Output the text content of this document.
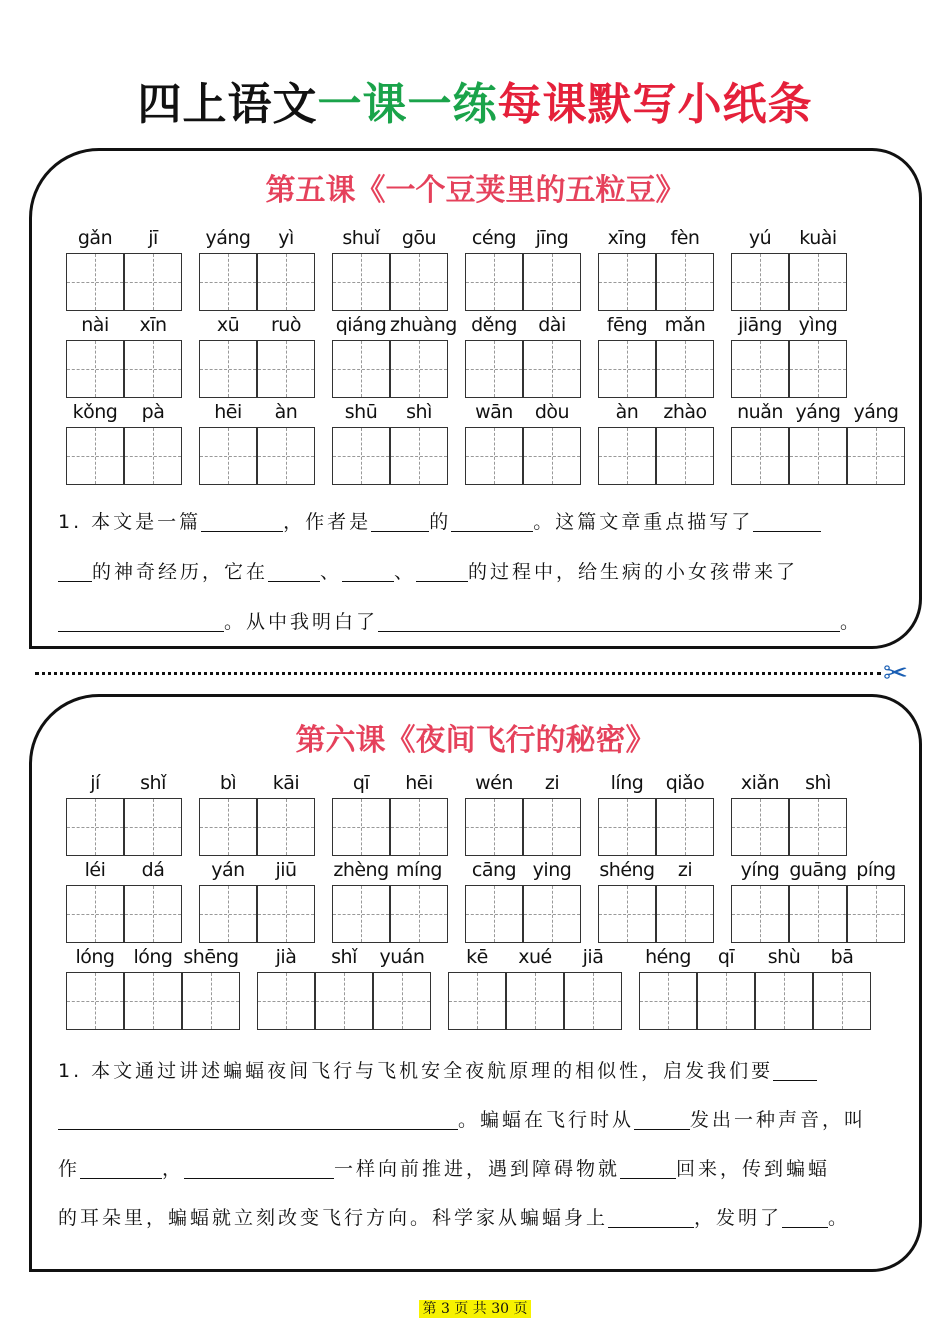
四上语文一课一练每课默写小纸条
第五课《一个豆荚里的五粒豆》
gǎn	jī	yáng	yì	shuǐ	gōu	céng	jīng	xīng	fèn	yú	kuài
nài	xīn	xū	ruò	qiáng zhuàng děng	dài	fēng mǎn	jiāng yìng
kǒng	pà	hēi	àn	shū	shì	wān	dòu	àn	zhào	nuǎn yáng yáng
1. 本文是一篇	，作者是	的	。这篇文章重点描写了
的神奇经历，它在	、	、	的过程中，给生病的小女孩带来了
。从中我明白了	。
✂
第六课《夜间飞行的秘密》
jí	shǐ	bì	kāi	qī	hēi	wén	zi	líng	qiǎo	xiǎn	shì
léi	dá	yán	jiū	zhèng míng	cāng ying	shéng	zi	yíng guāng píng
lóng lóng shēng	jià	shǐ	yuán	kē	xué	jiā	héng	qī	shù	bā
1. 本文通过讲述蝙蝠夜间飞行与飞机安全夜航原理的相似性，启发我们要
。蝙蝠在飞行时从	发出一种声音，叫
作	，	一样向前推进，遇到障碍物就	回来，传到蝙蝠
的耳朵里，蝙蝠就立刻改变飞行方向。科学家从蝙蝠身上	，发明了 。
第 3 页 共 30 页
